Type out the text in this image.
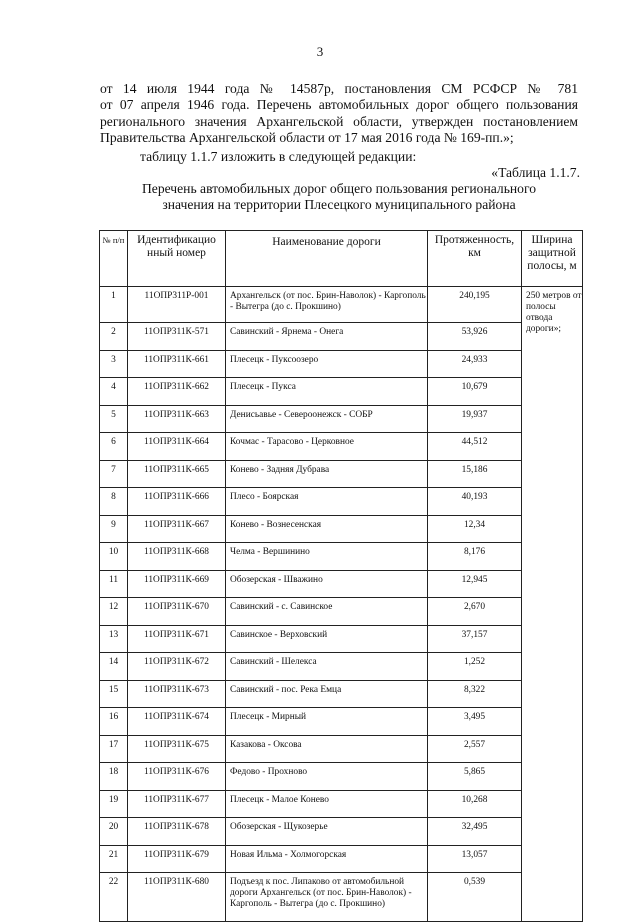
3
от 14 июля 1944 года № 14587р, постановления СМ РСФСР № 781
от 07 апреля 1946 года. Перечень автомобильных дорог общего пользования
регионального значения Архангельской области, утвержден постановлением
Правительства Архангельской области от 17 мая 2016 года № 169-пп.»;
таблицу 1.1.7 изложить в следующей редакции:
«Таблица 1.1.7.
Перечень автомобильных дорог общего пользования регионального
значения на территории Плесецкого муниципального района
№ п/п	Идентификацио нный номер	Наименование дороги	Протяженность, км	Ширина защитной полосы, м
1	11ОПР311Р-001	Архангельск (от пос. Брин-Наволок) - Каргополь - Вытегра (до с. Прокшино)	240,195	250 метров от полосы отвода дороги»;
2	11ОПР311К-571	Савинский - Ярнема - Онега	53,926	
3	11ОПР311К-661	Плесецк - Пуксоозеро	24,933	
4	11ОПР311К-662	Плесецк - Пукса	10,679	
5	11ОПР311К-663	Денисьавье - Североонежск - СОБР	19,937	
6	11ОПР311К-664	Кочмас - Тарасово - Церковное	44,512	
7	11ОПР311К-665	Конево - Задняя Дубрава	15,186	
8	11ОПР311К-666	Плесо - Боярская	40,193	
9	11ОПР311К-667	Конево - Вознесенская	12,34	
10	11ОПР311К-668	Челма - Вершинино	8,176	
11	11ОПР311К-669	Обозерская - Шважино	12,945	
12	11ОПР311К-670	Савинский - с. Савинское	2,670	
13	11ОПР311К-671	Савинское - Верховский	37,157	
14	11ОПР311К-672	Савинский - Шелекса	1,252	
15	11ОПР311К-673	Савинский - пос. Река Емца	8,322	
16	11ОПР311К-674	Плесецк - Мирный	3,495	
17	11ОПР311К-675	Казакова - Оксова	2,557	
18	11ОПР311К-676	Федово - Прохново	5,865	
19	11ОПР311К-677	Плесецк - Малое Конево	10,268	
20	11ОПР311К-678	Обозерская - Щукозерье	32,495	
21	11ОПР311К-679	Новая Ильма - Холмогорская	13,057	
22	11ОПР311К-680	Подъезд к пос. Липаково от автомобильной дороги Архангельск (от пос. Брин-Наволок) - Каргополь - Вытегра (до с. Прокшино)	0,539	
